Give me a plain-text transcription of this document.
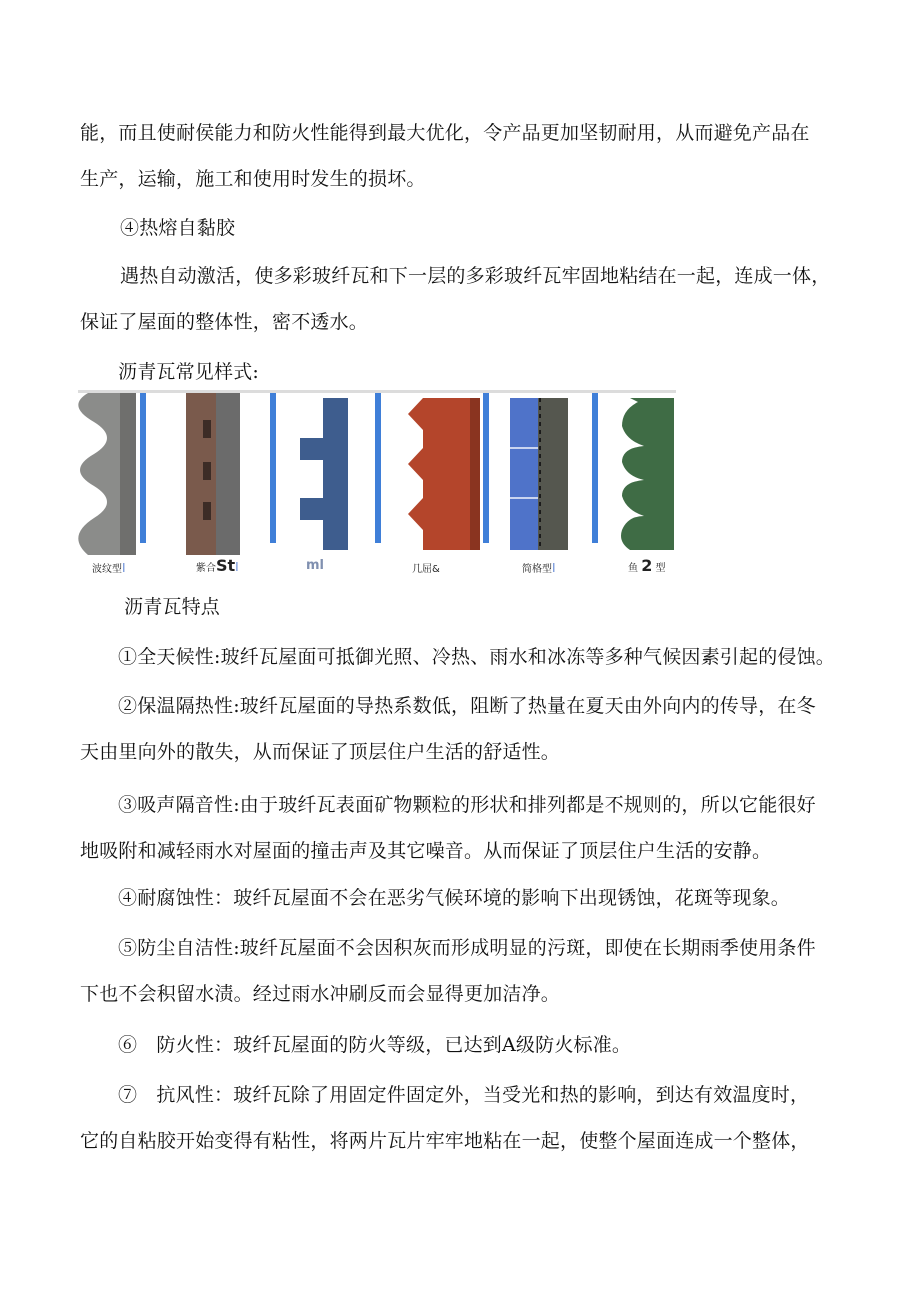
能，而且使耐侯能力和防火性能得到最大优化，令产品更加坚韧耐用，从而避免产品在
生产，运输，施工和使用时发生的损坏。
④热熔自黏胶
遇热自动激活，使多彩玻纤瓦和下一层的多彩玻纤瓦牢固地粘结在一起，连成一体，
保证了屋面的整体性，密不透水。
沥青瓦常见样式:
波纹型I	紫合StI	ml	几屈&	简格型I	鱼 2 型
沥青瓦特点
①全天候性:玻纤瓦屋面可抵御光照、冷热、雨水和冰冻等多种气候因素引起的侵蚀。
②保温隔热性:玻纤瓦屋面的导热系数低，阻断了热量在夏天由外向内的传导，在冬
天由里向外的散失，从而保证了顶层住户生活的舒适性。
③吸声隔音性:由于玻纤瓦表面矿物颗粒的形状和排列都是不规则的，所以它能很好
地吸附和减轻雨水对屋面的撞击声及其它噪音。从而保证了顶层住户生活的安静。
④耐腐蚀性：玻纤瓦屋面不会在恶劣气候环境的影响下出现锈蚀，花斑等现象。
⑤防尘自洁性:玻纤瓦屋面不会因积灰而形成明显的污斑，即使在长期雨季使用条件
下也不会积留水渍。经过雨水冲刷反而会显得更加洁净。
⑥　防火性：玻纤瓦屋面的防火等级，已达到A级防火标准。
⑦　抗风性：玻纤瓦除了用固定件固定外，当受光和热的影响，到达有效温度时，
它的自粘胶开始变得有粘性，将两片瓦片牢牢地粘在一起，使整个屋面连成一个整体，
